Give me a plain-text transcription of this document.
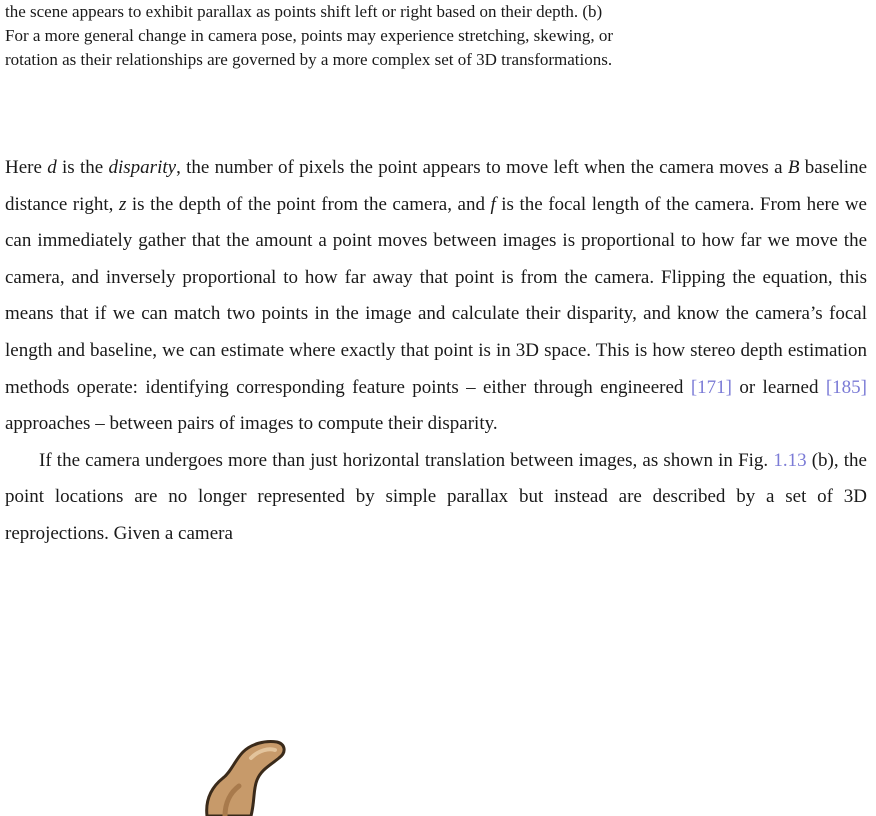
the scene appears to exhibit parallax as points shift left or right based on their depth. (b)
For a more general change in camera pose, points may experience stretching, skewing, or
rotation as their relationships are governed by a more complex set of 3D transformations.

Here d is the disparity, the number of pixels the point appears to move left when the camera moves a B baseline distance right, z is the depth of the point from the camera, and f is the focal length of the camera. From here we can immediately gather that the amount a point moves between images is proportional to how far we move the camera, and inversely proportional to how far away that point is from the camera. Flipping the equation, this means that if we can match two points in the image and calculate their disparity, and know the camera’s focal length and baseline, we can estimate where exactly that point is in 3D space. This is how stereo depth estimation methods operate: identifying corresponding feature points – either through engineered [171] or learned [185] approaches – between pairs of images to compute their disparity.

If the camera undergoes more than just horizontal translation between images, as shown in Fig. 1.13 (b), the point locations are no longer represented by simple parallax but instead are described by a set of 3D reprojections. Given a camera
